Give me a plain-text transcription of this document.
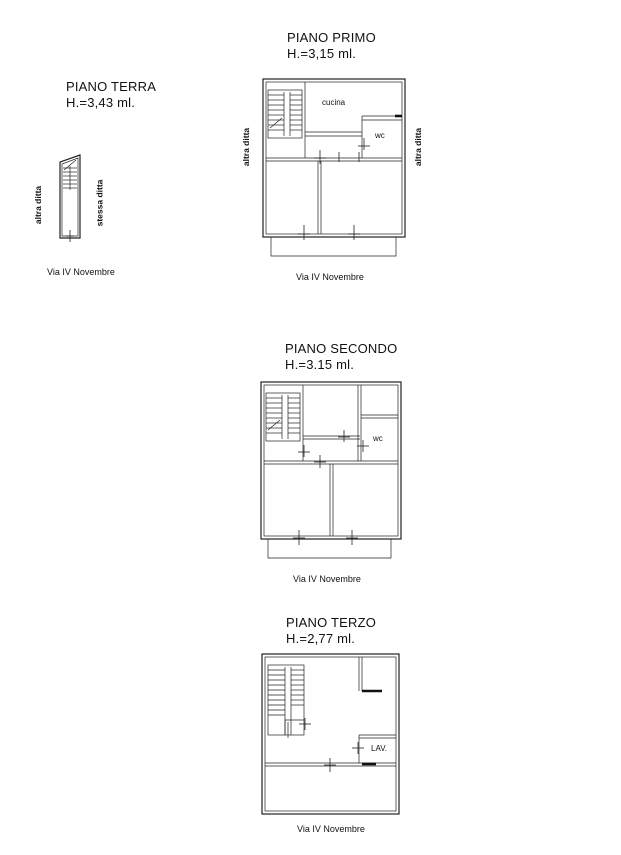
PIANO TERRA
H.=3,43 ml.
PIANO PRIMO
H.=3,15 ml.
PIANO SECONDO
H.=3.15 ml.
PIANO TERZO
H.=2,77 ml.
Via IV Novembre	Via IV Novembre
Via IV Novembre
Via IV Novembre
altra ditta	stessa ditta
altra ditta	altra ditta
cucina
wc
wc
LAV.
